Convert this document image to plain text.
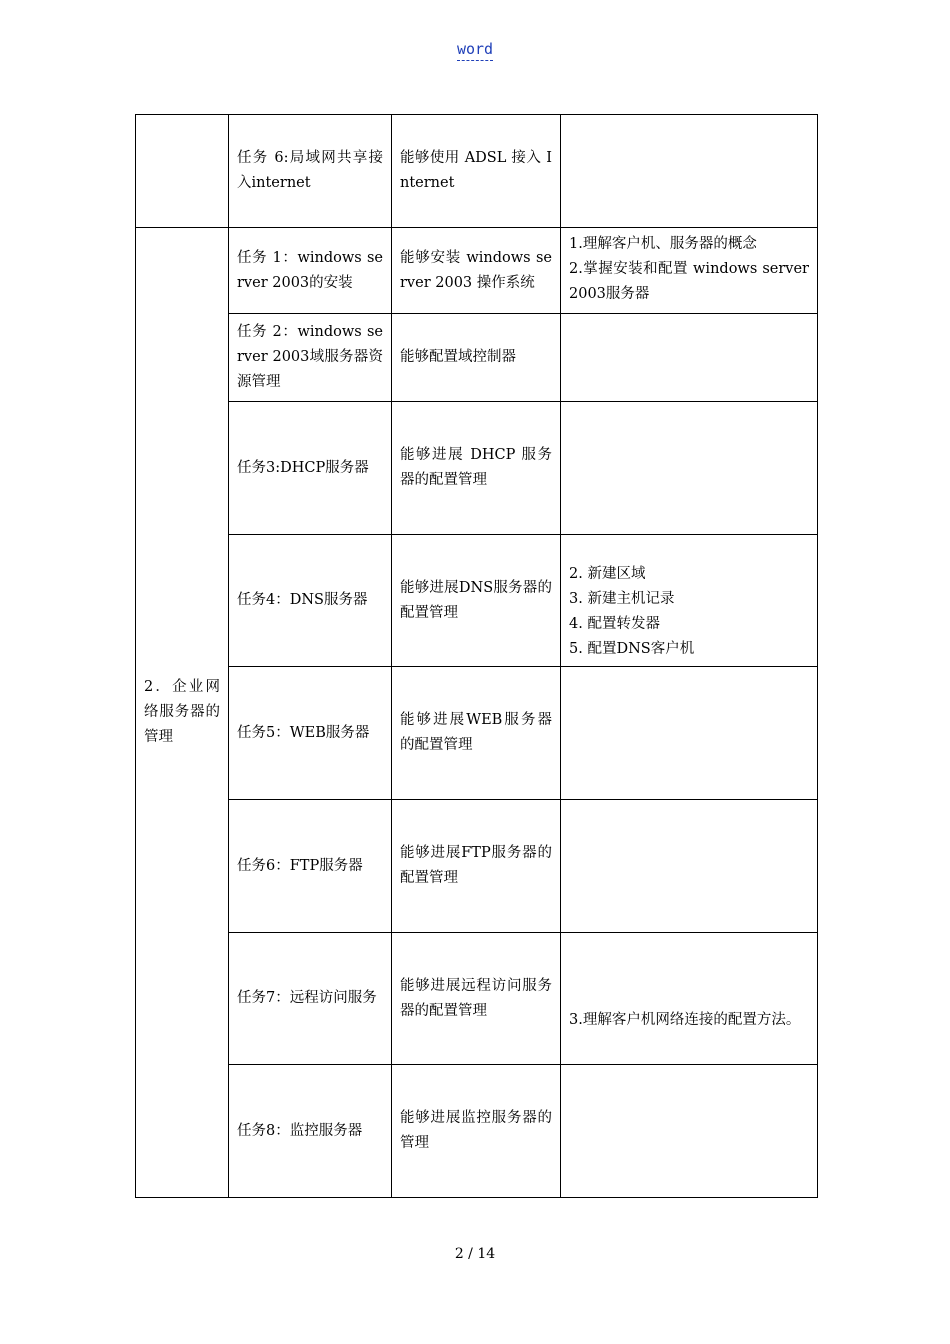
word
	任务 6:局域网共享接入internet	能够使用 ADSL 接入 Internet	
2．企业网络服务器的管理	任务 1：windows server 2003的安装	能够安装 windows server 2003 操作系统	1.理解客户机、服务器的概念
2.掌握安装和配置 windows server 2003服务器

	任务 2：windows server 2003域服务器资源管理	能够配置域控制器	
	任务3:DHCP服务器	能够进展 DHCP 服务器的配置管理	
	任务4：DNS服务器	能够进展DNS服务器的配置管理	2. 新建区域
3. 新建主机记录
4. 配置转发器
5. 配置DNS客户机

	任务5：WEB服务器	能够进展WEB服务器的配置管理	
	任务6：FTP服务器	能够进展FTP服务器的配置管理	
	任务7：远程访问服务	能够进展远程访问服务器的配置管理	3.理解客户机网络连接的配置方法。

	任务8：监控服务器	能够进展监控服务器的管理	
2 / 14
